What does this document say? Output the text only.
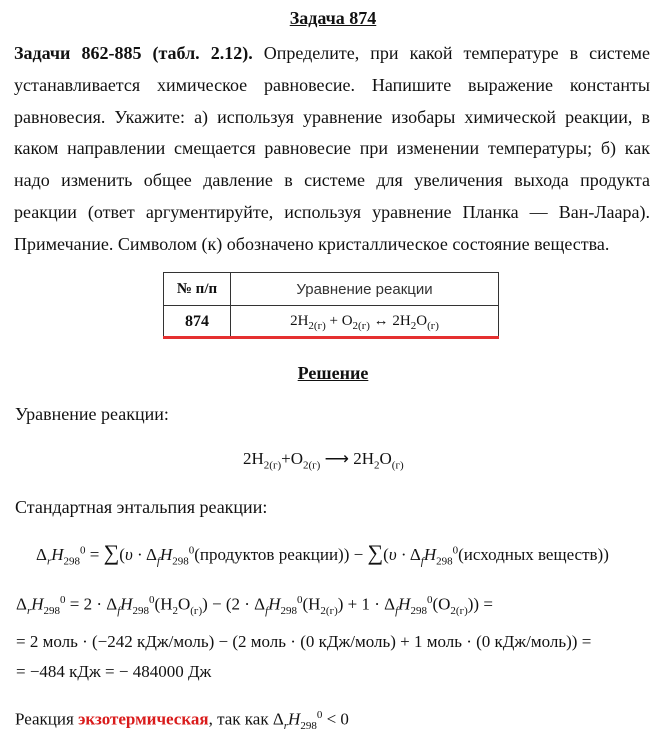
Задача 874
Задачи 862-885 (табл. 2.12). Определите, при какой температуре в системе устанавливается химическое равновесие. Напишите выражение константы равновесия. Укажите: а) используя уравнение изобары химической реакции, в каком направлении смещается равновесие при изменении температуры; б) как надо изменить общее давление в системе для увеличения выхода продукта реакции (ответ аргументируйте, используя уравнение Планка — Ван-Лаара). Примечание. Символом (к) обозначено кристаллическое состояние вещества.
№ п/п	Уравнение реакции
874	$2H_{2(г)} + O_{2(г)}$ ↔ $2H_2O_{(г)}$
Решение
Уравнение реакции:
$2H_{2(г)}+O_{2(г)}$ ⟶ $2H_2O_{(г)}$
Стандартная энтальпия реакции:
$\Delta_rH_{298}^0 = \sum(\upsilon$ · $\Delta_fH_{298}^0(продуктов$ реакции)) − $\sum(\upsilon \cdot \Delta_fH_{298}^0(исходных$ веществ))
$\Delta_rH_{298}^0 = 2 \cdot \Delta_fH_{298}^0(H_2O_{(г)}) - (2 \cdot \Delta_fH_{298}^0(H_{2(г)}) + 1 \cdot \Delta_fH_{298}^0(O_{2(г)}))$ =
= 2 моль · (−242 кДж/моль) − (2 моль · (0 кДж/моль) + 1 моль · (0 кДж/моль)) =
= −484 кДж = − 484000 Дж
Реакция экзотермическая, так как $\Delta_rH_{298}^0 < 0$
